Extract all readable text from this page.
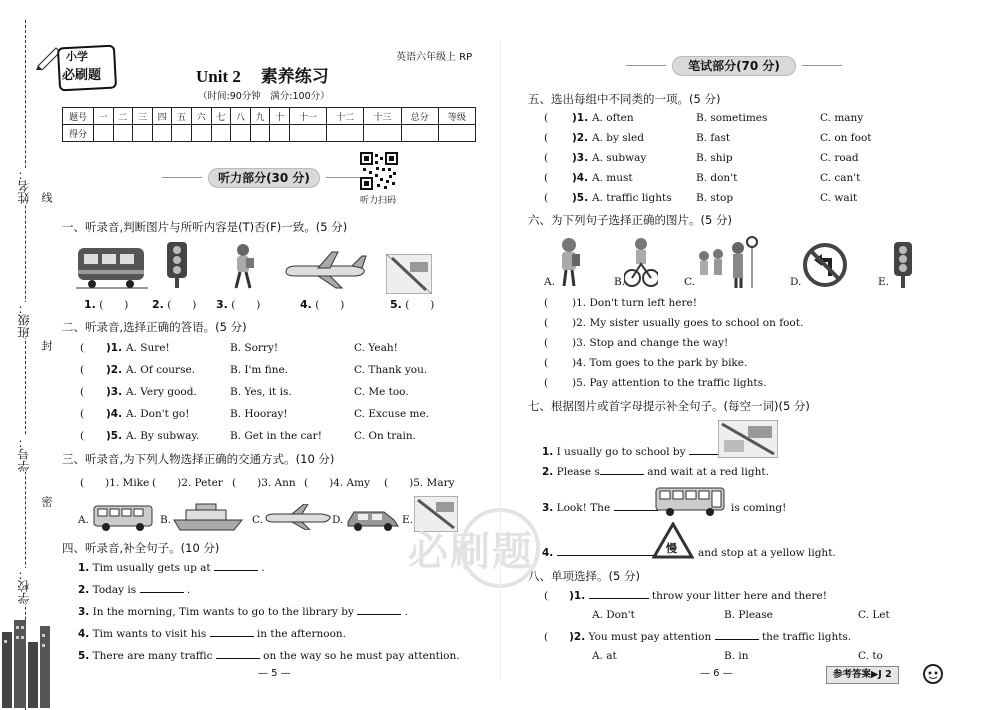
姓名： 线
班级：
封
学号：
密
学校：
小学
必刷题
英语六年级上 RP
Unit 2 素养练习
（时间:90分钟　满分:100分）
题号	一	二	三	四	五	六	七	八	九	十	十一	十二	十三	总分	等级
得分															
听力部分(30 分)
听力扫码
一、听录音,判断图片与所听内容是(T)否(F)一致。(5 分)
1. (　　) 2. (　　) 3. (　　)	4. (　　)	5. (　　)
二、听录音,选择正确的答语。(5 分)
( )1. A. Sure!	B. Sorry!	C. Yeah!
( )2. A. Of course.	B. I'm fine.	C. Thank you.
( )3. A. Very good.	B. Yes, it is.	C. Me too.
( )4. A. Don't go!	B. Hooray!	C. Excuse me.
( )5. A. By subway.	B. Get in the car!	C. On train.
三、听录音,为下列人物选择正确的交通方式。(10 分)
(　　)1. Mike (　　)2. Peter (　　)3. Ann (　　)4. Amy (　　)5. Mary
A.	B.	C.	D.	E.
四、听录音,补全句子。(10 分)
1. Tim usually gets up at	.
2. Today is	.
3. In the morning, Tim wants to go to the library by	.
4. Tim wants to visit his	in the afternoon.
5. There are many traffic	on the way so he must pay attention.
— 5 —
必刷题
笔试部分(70 分)
五、选出每组中不同类的一项。(5 分)
( )1. A. often	B. sometimes	C. many
( )2. A. by sled	B. fast	C. on foot
( )3. A. subway	B. ship	C. road
( )4. A. must	B. don't	C. can't
( )5. A. traffic lights B. stop	C. wait
六、为下列句子选择正确的图片。(5 分)
A.	B.	C.	D.	E.
( )1. Don't turn left here!
( )2. My sister usually goes to school on foot.
( )3. Stop and change the way!
( )4. Tom goes to the park by bike.
( )5. Pay attention to the traffic lights.
七、根据图片或首字母提示补全句子。(每空一词)(5 分)
1. I usually go to school by
2. Please s	and wait at a red light.
3. Look! The	is coming!
4.	慢 and stop at a yellow light.
八、单项选择。(5 分)
(　　)1.	throw your litter here and there!
A. Don't	B. Please	C. Let
(　　)2. You must pay attention	the traffic lights.
A. at	B. in	C. to
— 6 —	参考答案▶J 2
